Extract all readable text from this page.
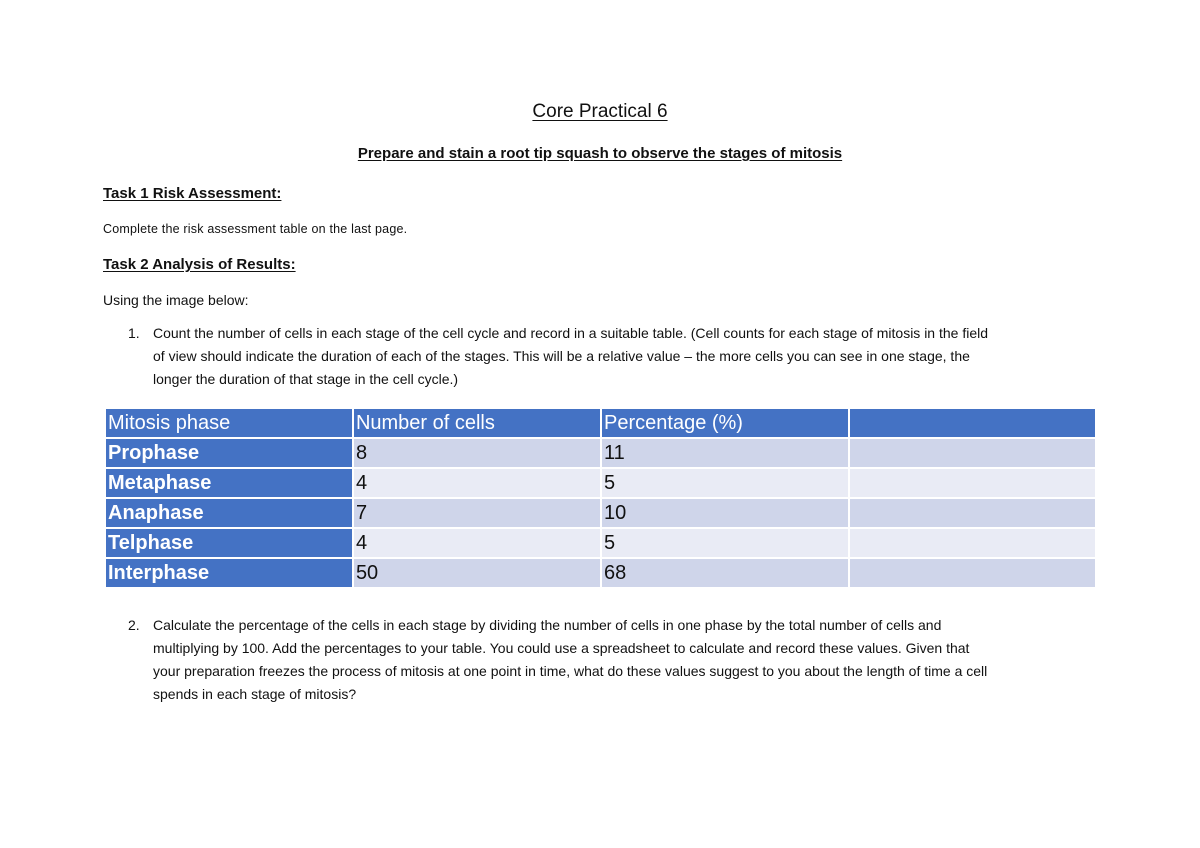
Core Practical 6
Prepare and stain a root tip squash to observe the stages of mitosis
Task 1 Risk Assessment:
Complete the risk assessment table on the last page.
Task 2 Analysis of Results:
Using the image below:
1. Count the number of cells in each stage of the cell cycle and record in a suitable table. (Cell counts for each stage of mitosis in the field
of view should indicate the duration of each of the stages. This will be a relative value – the more cells you can see in one stage, the
longer the duration of that stage in the cell cycle.)
Mitosis phase	Number of cells	Percentage (%)	
Prophase	8	11	
Metaphase	4	5	
Anaphase	7	10	
Telphase	4	5	
Interphase	50	68	
2. Calculate the percentage of the cells in each stage by dividing the number of cells in one phase by the total number of cells and
multiplying by 100. Add the percentages to your table. You could use a spreadsheet to calculate and record these values. Given that
your preparation freezes the process of mitosis at one point in time, what do these values suggest to you about the length of time a cell
spends in each stage of mitosis?
